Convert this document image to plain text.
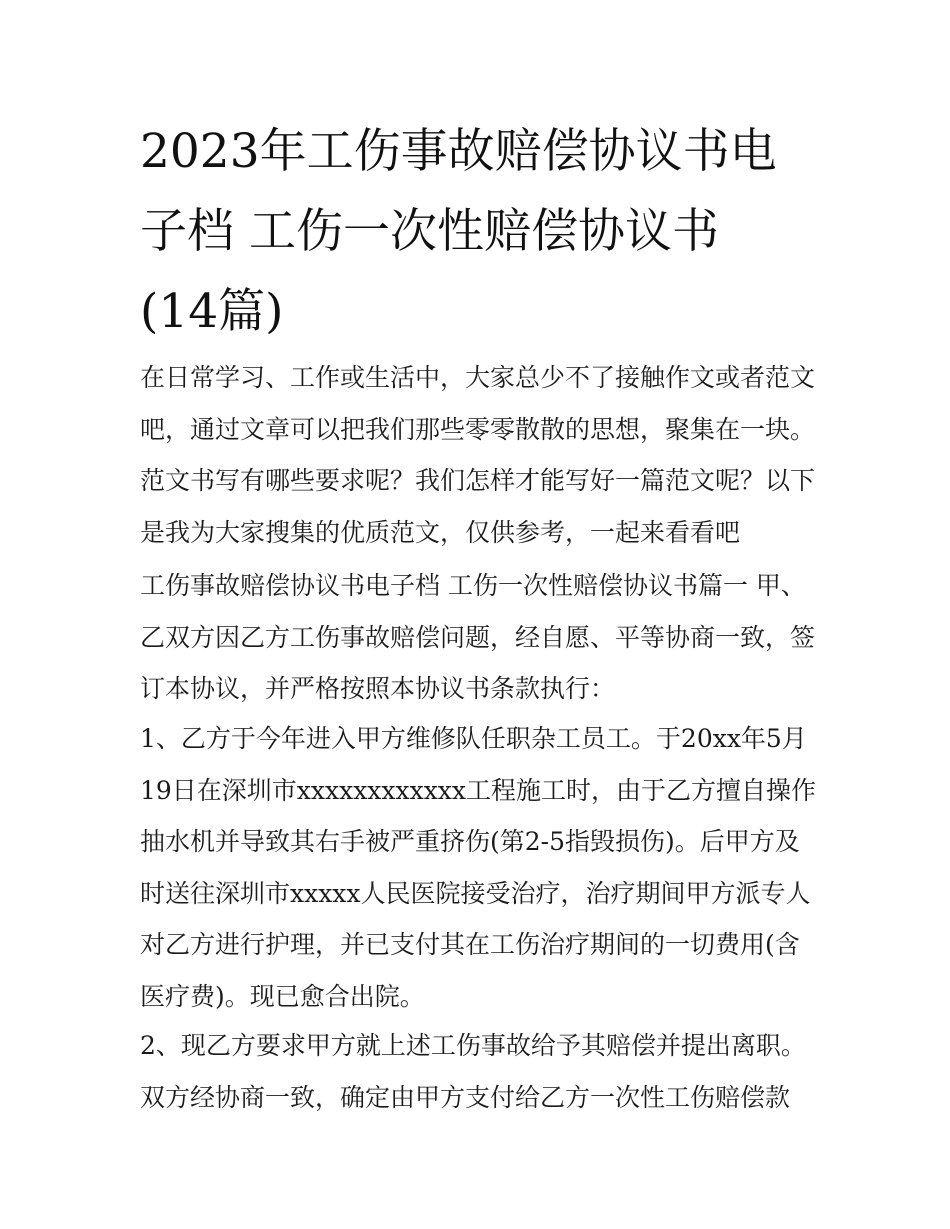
2023年工伤事故赔偿协议书电
子档 工伤一次性赔偿协议书
(14篇)
在日常学习、工作或生活中，大家总少不了接触作文或者范文
吧，通过文章可以把我们那些零零散散的思想，聚集在一块。
范文书写有哪些要求呢？我们怎样才能写好一篇范文呢？以下
是我为大家搜集的优质范文，仅供参考，一起来看看吧
工伤事故赔偿协议书电子档 工伤一次性赔偿协议书篇一 甲、
乙双方因乙方工伤事故赔偿问题，经自愿、平等协商一致，签
订本协议，并严格按照本协议书条款执行：
1、乙方于今年进入甲方维修队任职杂工员工。于20xx年5月
19日在深圳市xxxxxxxxxxxx工程施工时，由于乙方擅自操作
抽水机并导致其右手被严重挤伤(第2-5指毁损伤)。后甲方及
时送往深圳市xxxxx人民医院接受治疗，治疗期间甲方派专人
对乙方进行护理，并已支付其在工伤治疗期间的一切费用(含
医疗费)。现已愈合出院。
2、现乙方要求甲方就上述工伤事故给予其赔偿并提出离职。
双方经协商一致，确定由甲方支付给乙方一次性工伤赔偿款
